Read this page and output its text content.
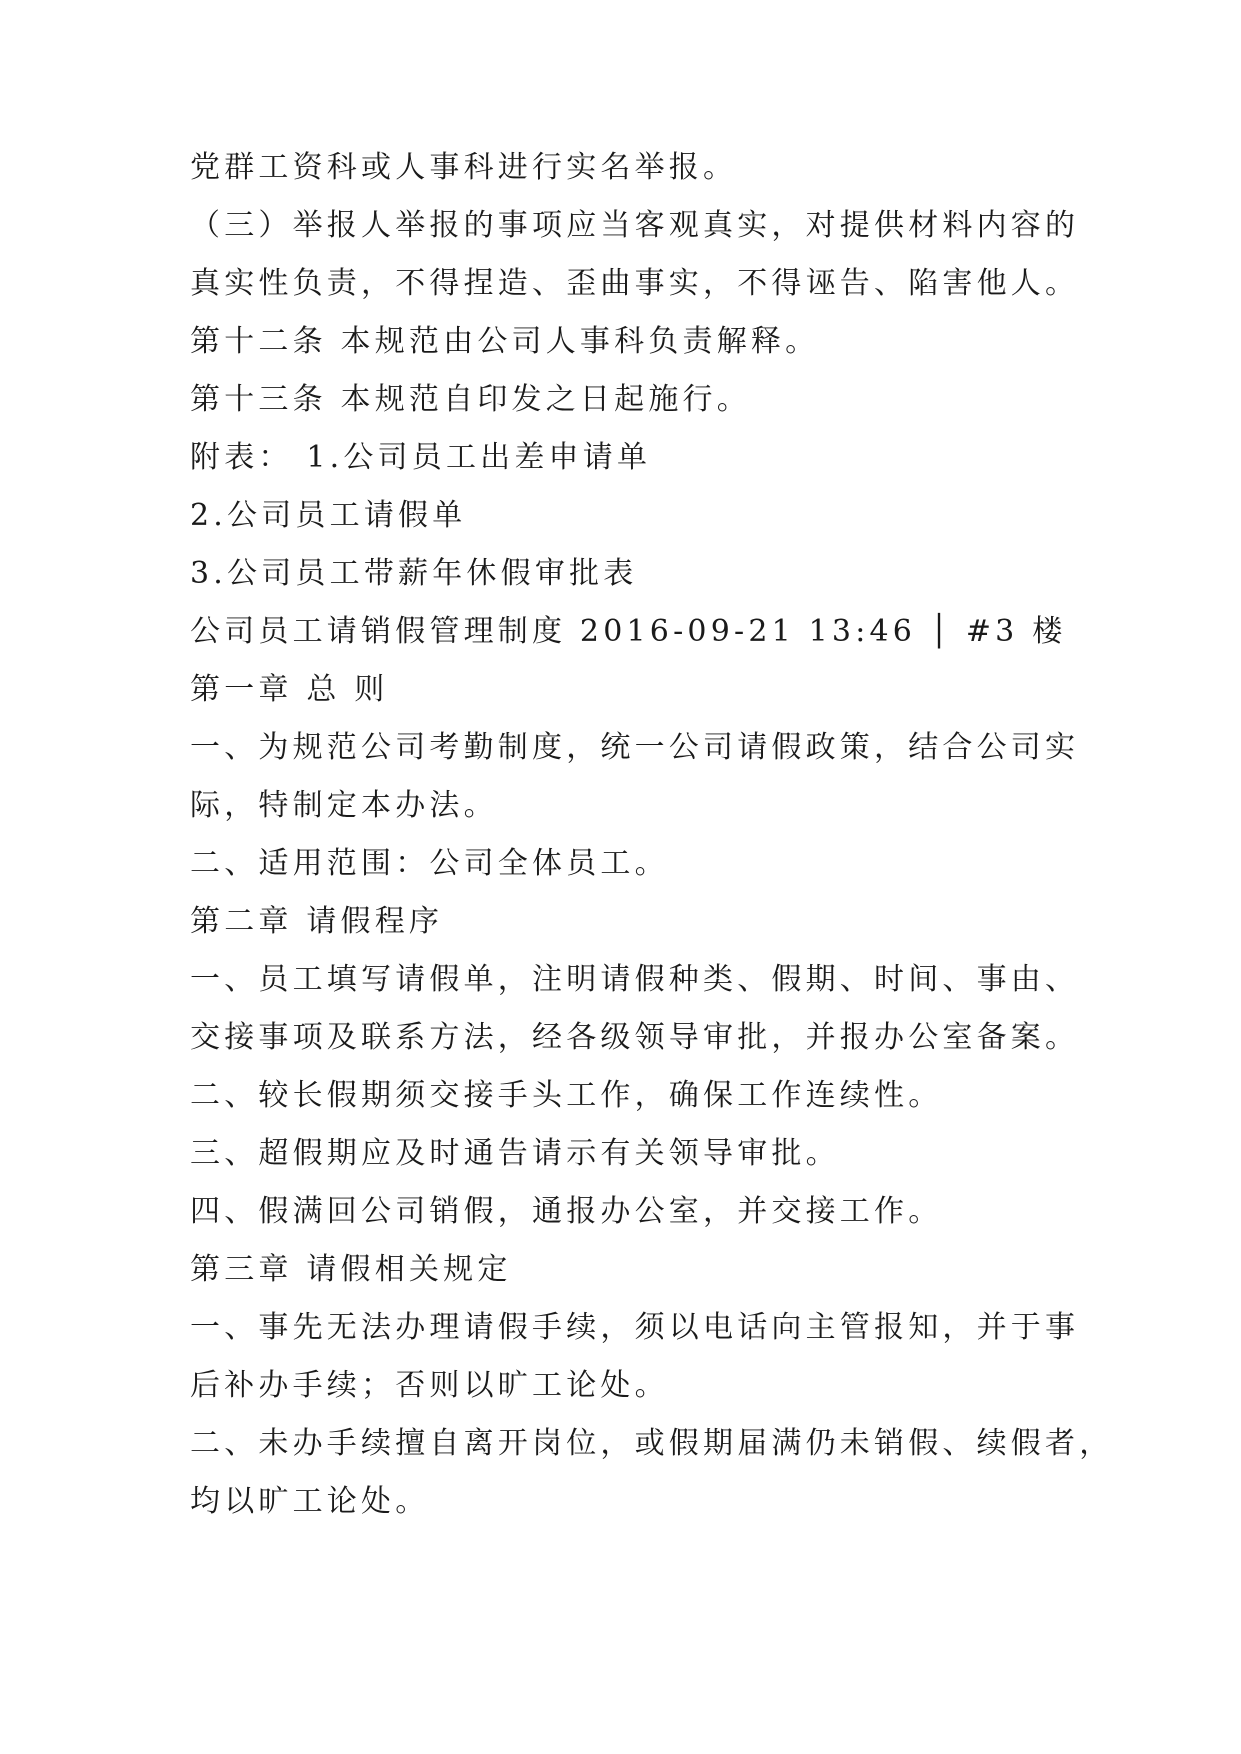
党群工资科或人事科进行实名举报。
（三）举报人举报的事项应当客观真实，对提供材料内容的
真实性负责，不得捏造、歪曲事实，不得诬告、陷害他人。
第十二条 本规范由公司人事科负责解释。
第十三条 本规范自印发之日起施行。
附表： 1.公司员工出差申请单
2.公司员工请假单
3.公司员工带薪年休假审批表
公司员工请销假管理制度 2016-09-21 13:46 │ #3 楼
第一章 总 则
一、为规范公司考勤制度，统一公司请假政策，结合公司实
际，特制定本办法。
二、适用范围：公司全体员工。
第二章 请假程序
一、员工填写请假单，注明请假种类、假期、时间、事由、
交接事项及联系方法，经各级领导审批，并报办公室备案。
二、较长假期须交接手头工作，确保工作连续性。
三、超假期应及时通告请示有关领导审批。
四、假满回公司销假，通报办公室，并交接工作。
第三章 请假相关规定
一、事先无法办理请假手续，须以电话向主管报知，并于事
后补办手续；否则以旷工论处。
二、未办手续擅自离开岗位，或假期届满仍未销假、续假者，
均以旷工论处。
